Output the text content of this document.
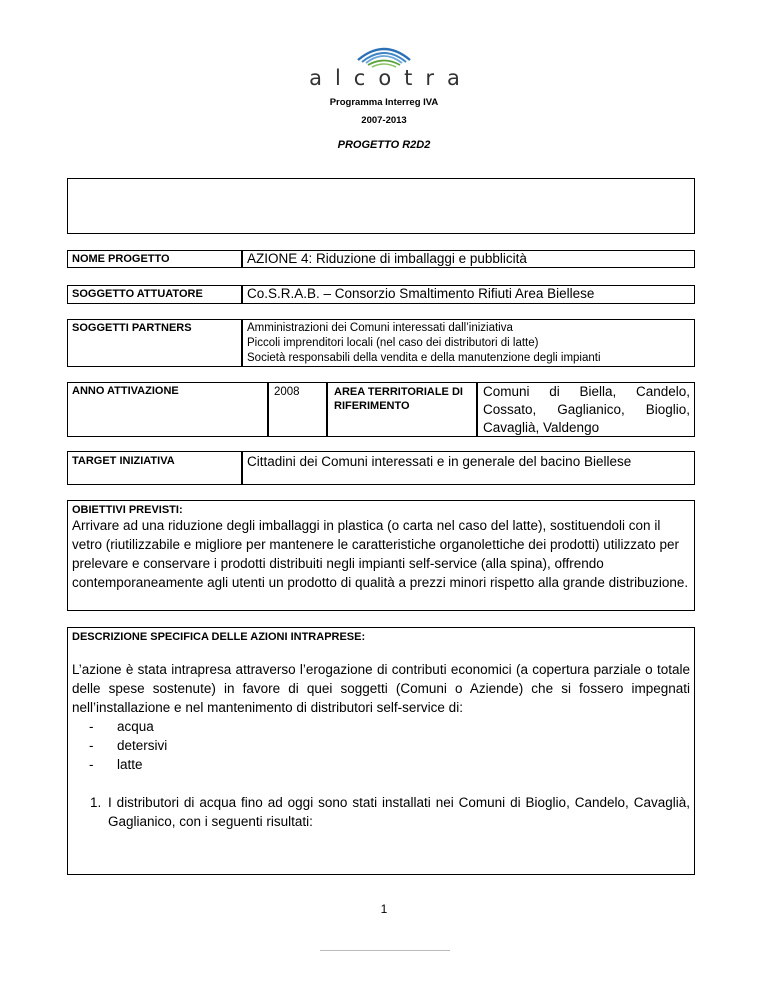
alcotra
Programma Interreg IVA
2007-2013
PROGETTO R2D2
NOME PROGETTO	AZIONE 4: Riduzione di imballaggi e pubblicità
SOGGETTO ATTUATORE	Co.S.R.A.B. – Consorzio Smaltimento Rifiuti Area Biellese
SOGGETTI PARTNERS	Amministrazioni dei Comuni interessati dall’iniziativa
Piccoli imprenditori locali (nel caso dei distributori di latte)
Società responsabili della vendita e della manutenzione degli impianti
ANNO ATTIVAZIONE	2008	AREA TERRITORIALE DI RIFERIMENTO
Comuni di Biella, Candelo, Cossato, Gaglianico, Bioglio, Cavaglià, Valdengo
TARGET INIZIATIVA	Cittadini dei Comuni interessati e in generale del bacino Biellese
OBIETTIVI PREVISTI:
Arrivare ad una riduzione degli imballaggi in plastica (o carta nel caso del latte), sostituendoli con il vetro (riutilizzabile e migliore per mantenere le caratteristiche organolettiche dei prodotti) utilizzato per prelevare e conservare i prodotti distribuiti negli impianti self-service (alla spina), offrendo contemporaneamente agli utenti un prodotto di qualità a prezzi minori rispetto alla grande distribuzione.
DESCRIZIONE SPECIFICA DELLE AZIONI INTRAPRESE:
L’azione è stata intrapresa attraverso l’erogazione di contributi economici (a copertura parziale o totale delle spese sostenute) in favore di quei soggetti (Comuni o Aziende) che si fossero impegnati nell’installazione e nel mantenimento di distributori self-service di:
- acqua
- detersivi
- latte
1. I distributori di acqua fino ad oggi sono stati installati nei Comuni di Bioglio, Candelo, Cavaglià, Gaglianico, con i seguenti risultati:
1
